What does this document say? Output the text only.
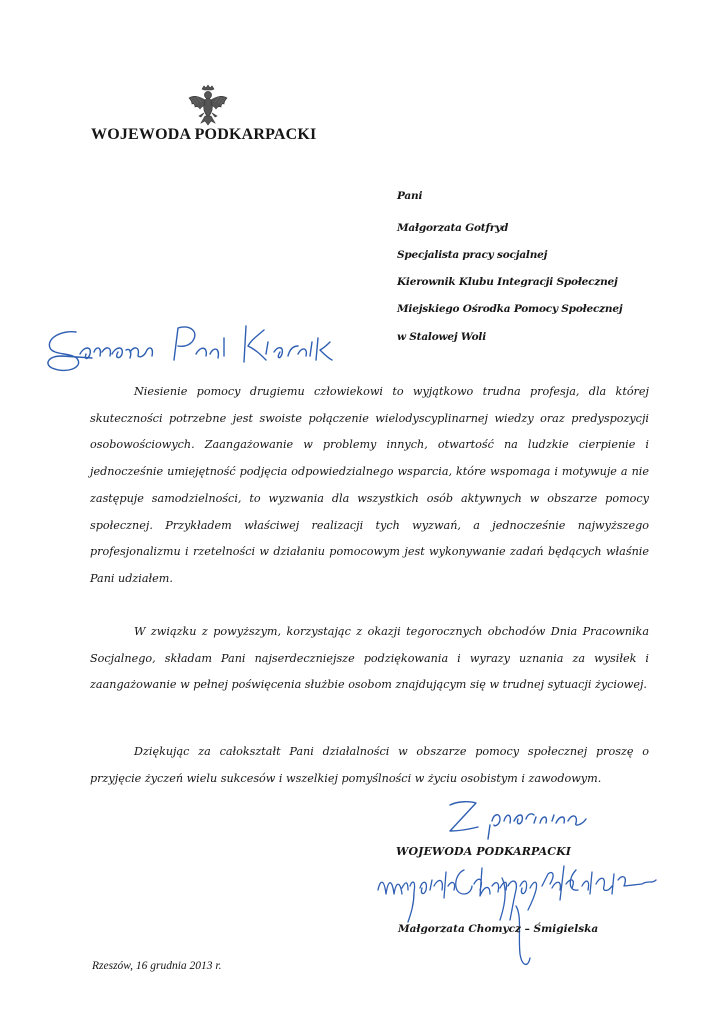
WOJEWODA PODKARPACKI
Pani
Małgorzata Gotfryd
Specjalista pracy socjalnej
Kierownik Klubu Integracji Społecznej
Miejskiego Ośrodka Pomocy Społecznej
w Stalowej Woli

Niesienie pomocy drugiemu człowiekowi to wyjątkowo trudna profesja, dla której skuteczności potrzebne jest swoiste połączenie wielodyscyplinarnej wiedzy oraz predyspozycji osobowościowych. Zaangażowanie w problemy innych, otwartość na ludzkie cierpienie i jednocześnie umiejętność podjęcia odpowiedzialnego wsparcia, które wspomaga i motywuje a nie zastępuje samodzielności, to wyzwania dla wszystkich osób aktywnych w obszarze pomocy społecznej. Przykładem właściwej realizacji tych wyzwań, a jednocześnie najwyższego profesjonalizmu i rzetelności w działaniu pomocowym jest wykonywanie zadań będących właśnie Pani udziałem.

W związku z powyższym, korzystając z okazji tegorocznych obchodów Dnia Pracownika Socjalnego, składam Pani najserdeczniejsze podziękowania i wyrazy uznania za wysiłek i zaangażowanie w pełnej poświęcenia służbie osobom znajdującym się w trudnej sytuacji życiowej.

Dziękując za całokształt Pani działalności w obszarze pomocy społecznej proszę o przyjęcie życzeń wielu sukcesów i wszelkiej pomyślności w życiu osobistym i zawodowym.

WOJEWODA PODKARPACKI
Małgorzata Chomycz – Śmigielska
Rzeszów, 16 grudnia 2013 r.
